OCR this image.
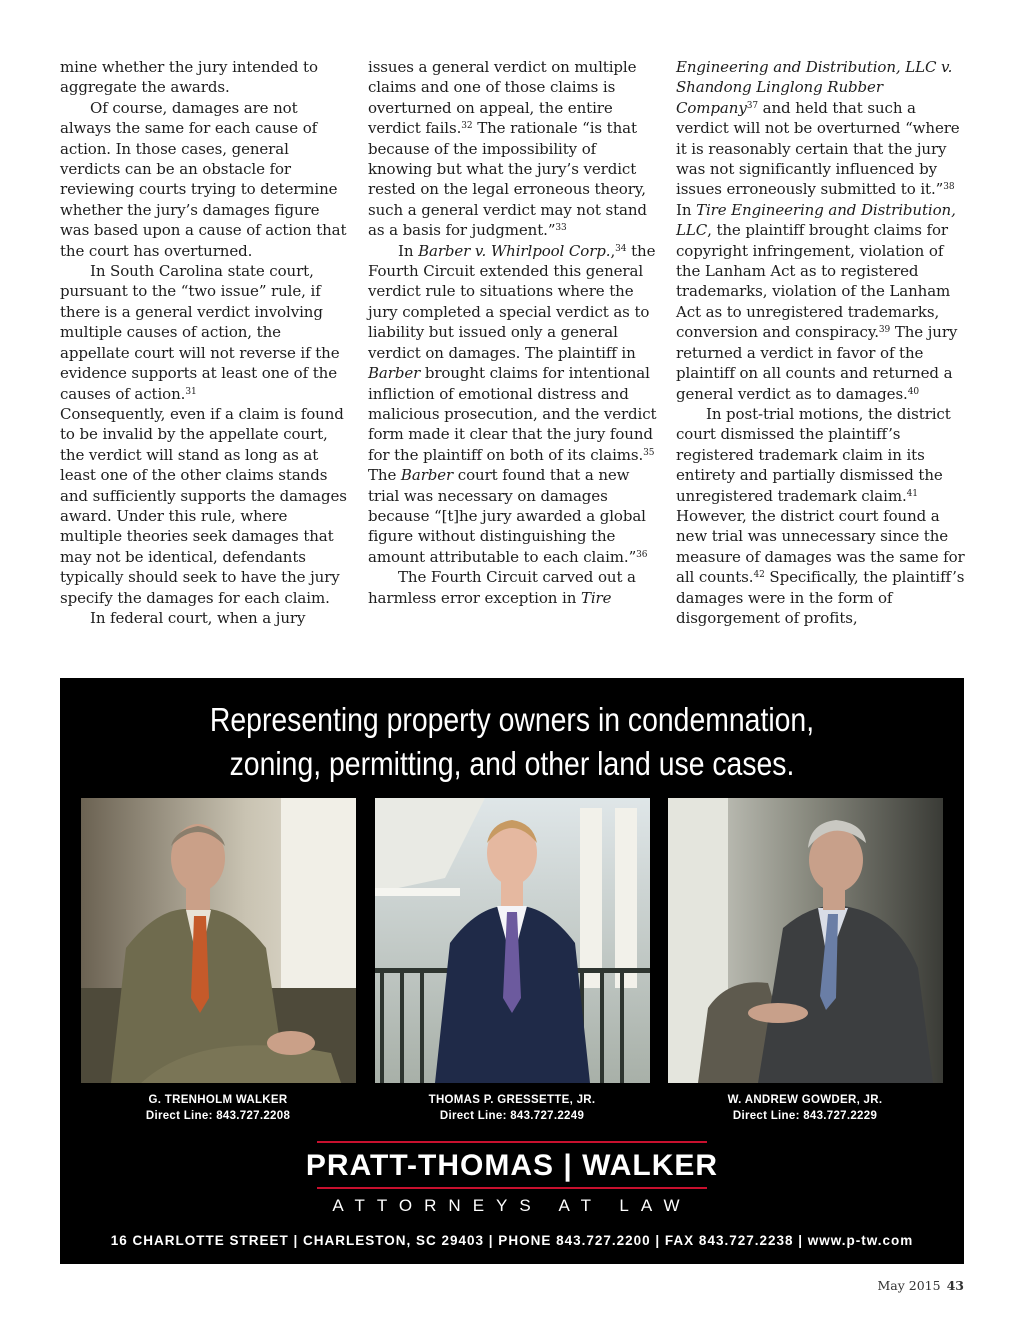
mine whether the jury intended to aggregate the awards.

Of course, damages are not always the same for each cause of action. In those cases, general verdicts can be an obstacle for reviewing courts trying to determine whether the jury’s damages figure was based upon a cause of action that the court has overturned.

In South Carolina state court, pursuant to the “two issue” rule, if there is a general verdict involving multiple causes of action, the appellate court will not reverse if the evidence supports at least one of the causes of action.$^{31}$

Consequently, even if a claim is found to be invalid by the appellate court, the verdict will stand as long as at least one of the other claims stands and sufficiently supports the damages award. Under this rule, where multiple theories seek damages that may not be identical, defendants typically should seek to have the jury specify the damages for each claim.

In federal court, when a jury

issues a general verdict on multiple claims and one of those claims is overturned on appeal, the entire verdict fails.$^{32}$ The rationale “is that because of the impossibility of knowing but what the jury’s verdict rested on the legal erroneous theory, such a general verdict may not stand as a basis for judgment.”$^{33}$

In Barber v. Whirlpool Corp.,$^{34}$ the Fourth Circuit extended this general verdict rule to situations where the jury completed a special verdict as to liability but issued only a general verdict on damages. The plaintiff in Barber brought claims for intentional infliction of emotional distress and malicious prosecution, and the verdict form made it clear that the jury found for the plaintiff on both of its claims.$^{35}$ The Barber court found that a new trial was necessary on damages because “[t]he jury awarded a global figure without distinguishing the amount attributable to each claim.”$^{36}$

The Fourth Circuit carved out a harmless error exception in Tire

Engineering and Distribution, LLC v. Shandong Linglong Rubber Company$^{37}$ and held that such a verdict will not be overturned “where it is reasonably certain that the jury was not significantly influenced by issues erroneously submitted to it.”$^{38}$ In Tire Engineering and Distribution, LLC, the plaintiff brought claims for copyright infringement, violation of the Lanham Act as to registered trademarks, violation of the Lanham Act as to unregistered trademarks, conversion and conspiracy.$^{39}$ The jury returned a verdict in favor of the plaintiff on all counts and returned a general verdict as to damages.$^{40}$

In post-trial motions, the district court dismissed the plaintiff’s registered trademark claim in its entirety and partially dismissed the unregistered trademark claim.$^{41}$ However, the district court found a new trial was unnecessary since the measure of damages was the same for all counts.$^{42}$ Specifically, the plaintiff’s damages were in the form of disgorgement of profits,

Representing property owners in condemnation,
zoning, permitting, and other land use cases.
G. TRENHOLM WALKER
Direct Line: 843.727.2208
THOMAS P. GRESSETTE, JR.
Direct Line: 843.727.2249
W. ANDREW GOWDER, JR.
Direct Line: 843.727.2229
PRATT-THOMAS | WALKER
ATTORNEYS AT LAW
16 CHARLOTTE STREET | CHARLESTON, SC 29403 | PHONE 843.727.2200 | FAX 843.727.2238 | www.p-tw.com
May 2015 43
